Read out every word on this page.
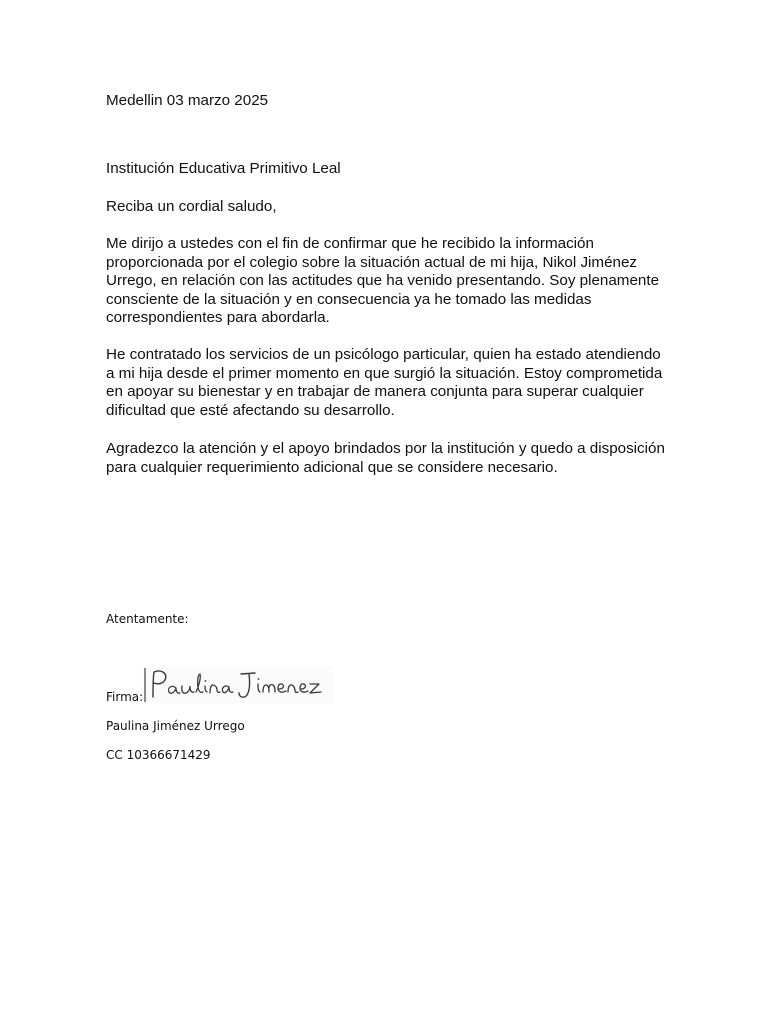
Medellin 03 marzo 2025

Institución Educativa Primitivo Leal

Reciba un cordial saludo,

Me dirijo a ustedes con el fin de confirmar que he recibido la información
proporcionada por el colegio sobre la situación actual de mi hija, Nikol Jiménez
Urrego, en relación con las actitudes que ha venido presentando. Soy plenamente
consciente de la situación y en consecuencia ya he tomado las medidas
correspondientes para abordarla.
He contratado los servicios de un psicólogo particular, quien ha estado atendiendo
a mi hija desde el primer momento en que surgió la situación. Estoy comprometida
en apoyar su bienestar y en trabajar de manera conjunta para superar cualquier
dificultad que esté afectando su desarrollo.
Agradezco la atención y el apoyo brindados por la institución y quedo a disposición
para cualquier requerimiento adicional que se considere necesario.

Atentamente:

Firma:

Paulina Jiménez Urrego

CC 10366671429
